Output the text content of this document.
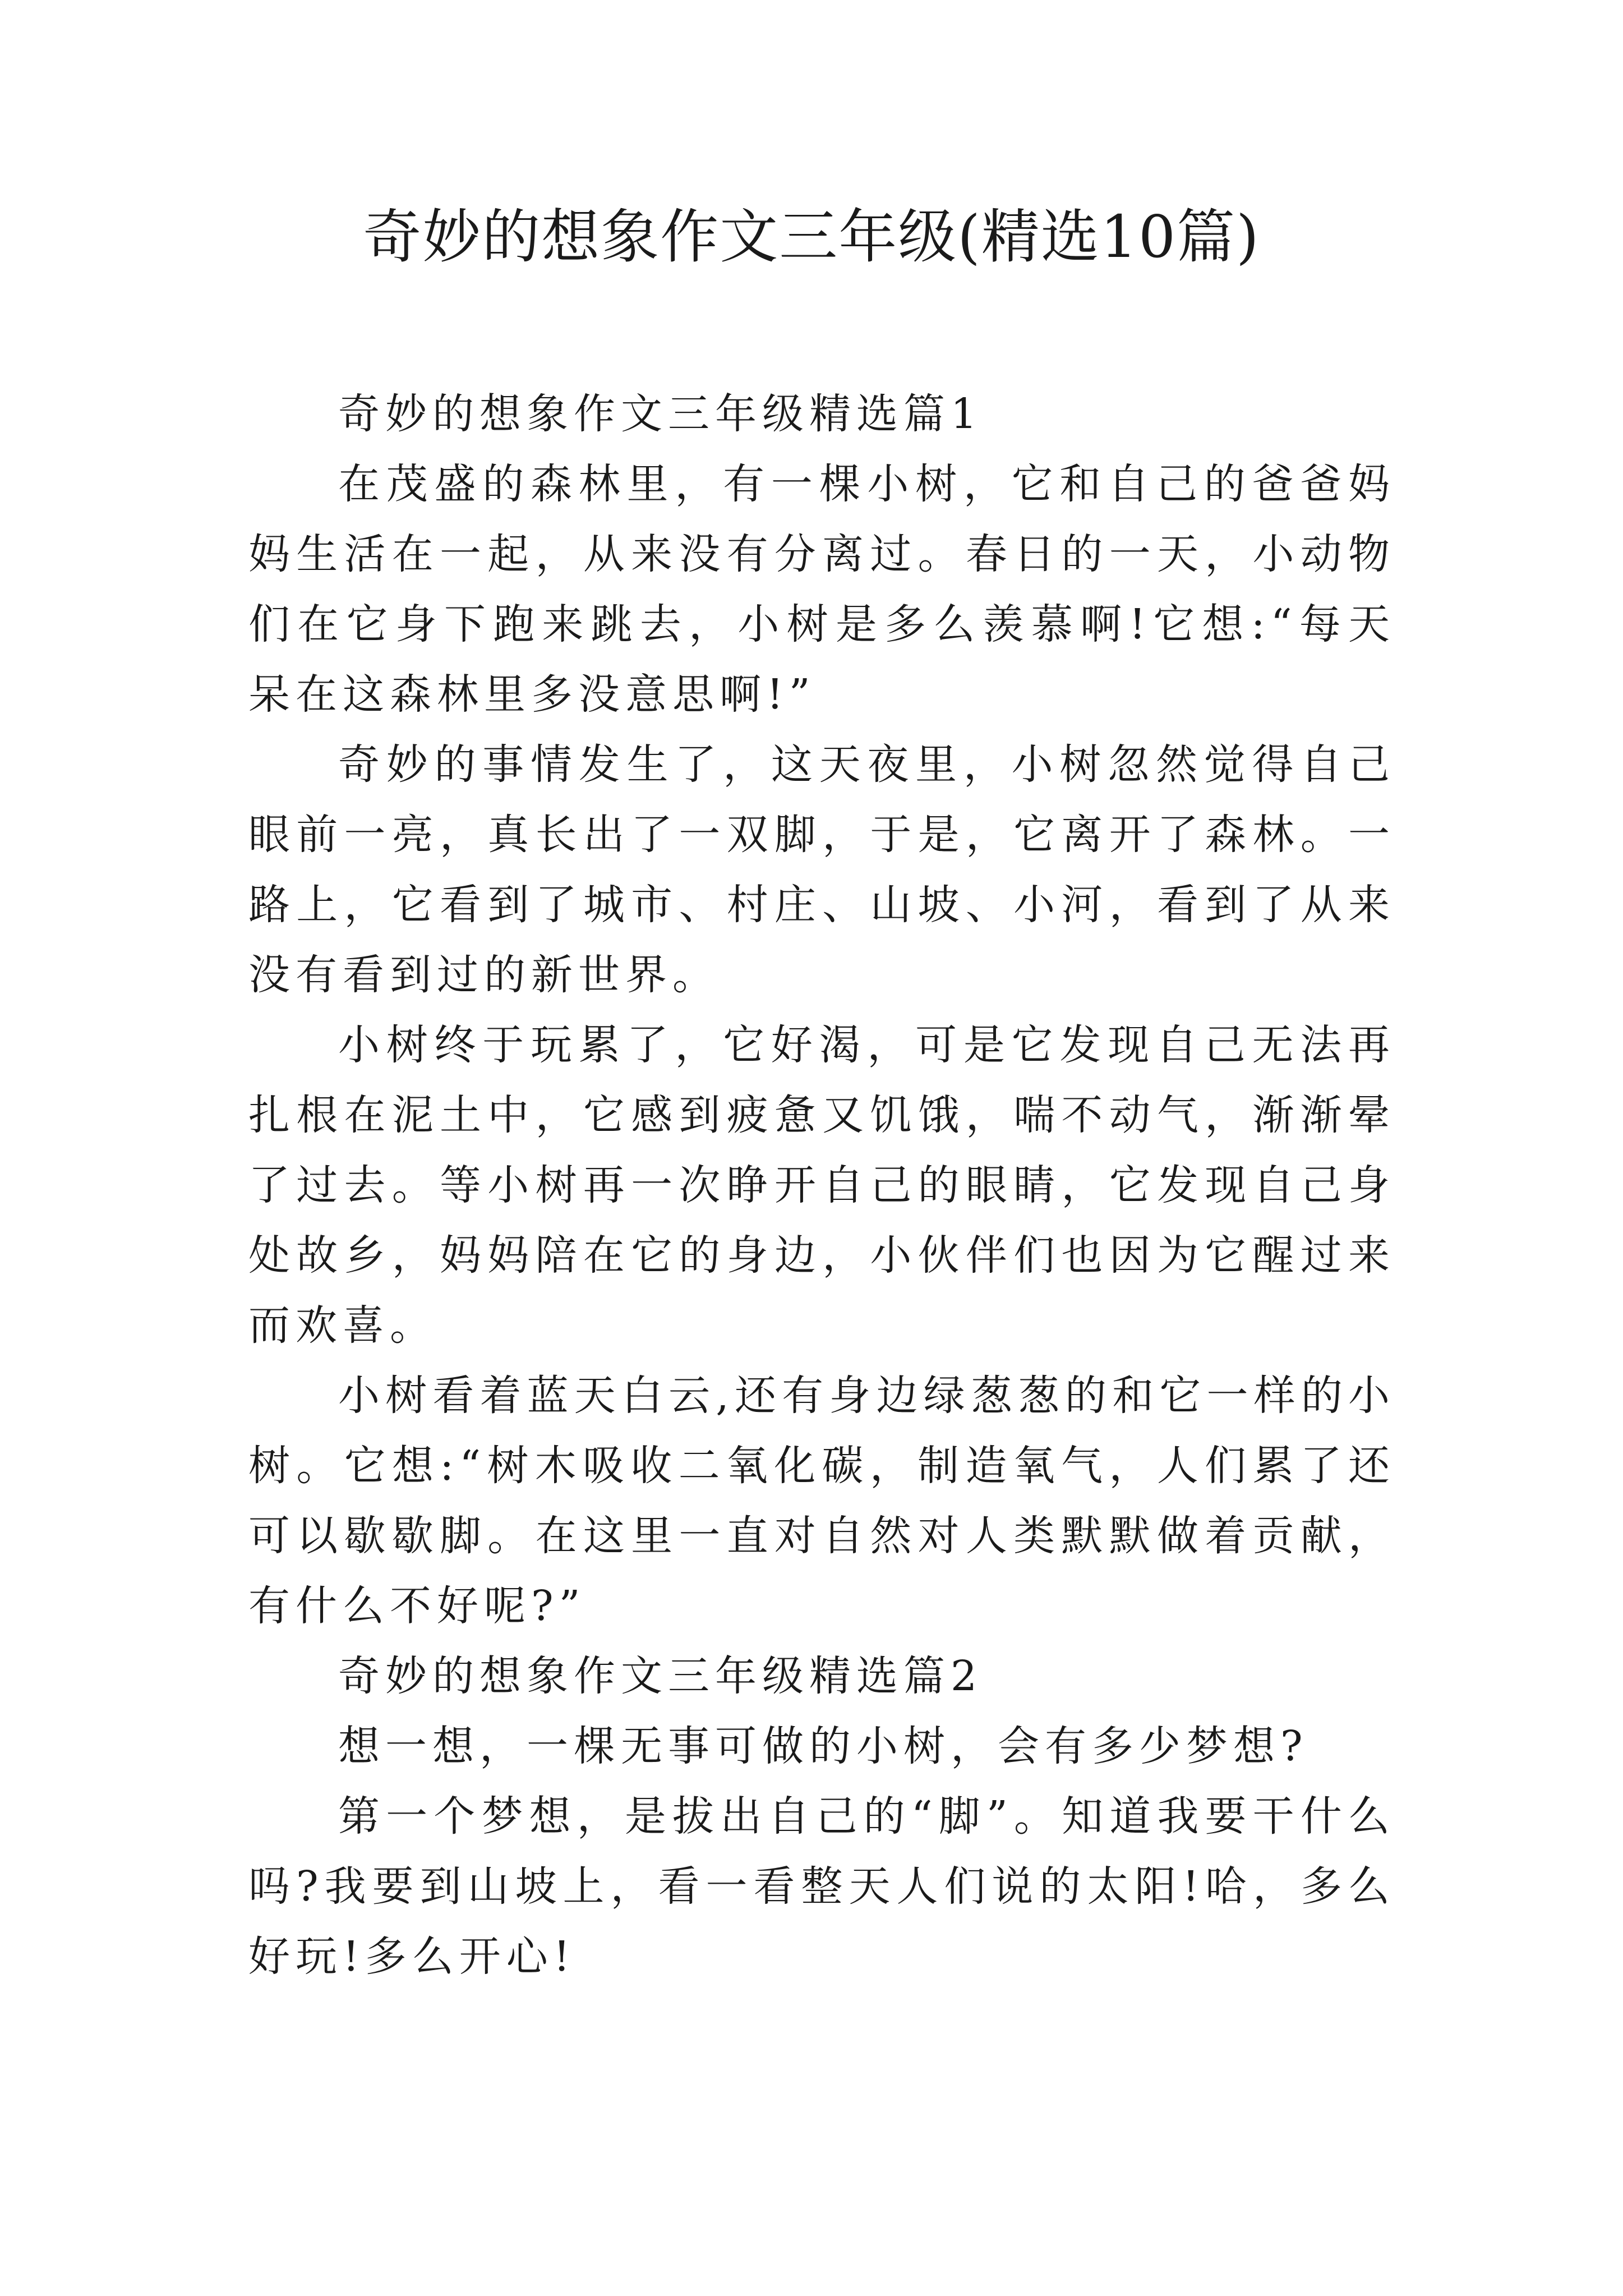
奇妙的想象作文三年级(精选10篇)

奇妙的想象作文三年级精选篇1

在茂盛的森林里，有一棵小树，它和自己的爸爸妈妈生活在一起，从来没有分离过。春日的一天，小动物们在它身下跑来跳去，小树是多么羡慕啊!它想:“每天呆在这森林里多没意思啊!”

奇妙的事情发生了，这天夜里，小树忽然觉得自己眼前一亮，真长出了一双脚，于是，它离开了森林。一路上，它看到了城市、村庄、山坡、小河，看到了从来没有看到过的新世界。

小树终于玩累了，它好渴，可是它发现自己无法再扎根在泥土中，它感到疲惫又饥饿，喘不动气，渐渐晕了过去。等小树再一次睁开自己的眼睛，它发现自己身处故乡，妈妈陪在它的身边，小伙伴们也因为它醒过来而欢喜。

小树看着蓝天白云,还有身边绿葱葱的和它一样的小树。它想:“树木吸收二氧化碳，制造氧气，人们累了还可以歇歇脚。在这里一直对自然对人类默默做着贡献，有什么不好呢?”

奇妙的想象作文三年级精选篇2

想一想，一棵无事可做的小树，会有多少梦想?

第一个梦想，是拔出自己的“脚”。知道我要干什么吗?我要到山坡上，看一看整天人们说的太阳!哈，多么好玩!多么开心!
